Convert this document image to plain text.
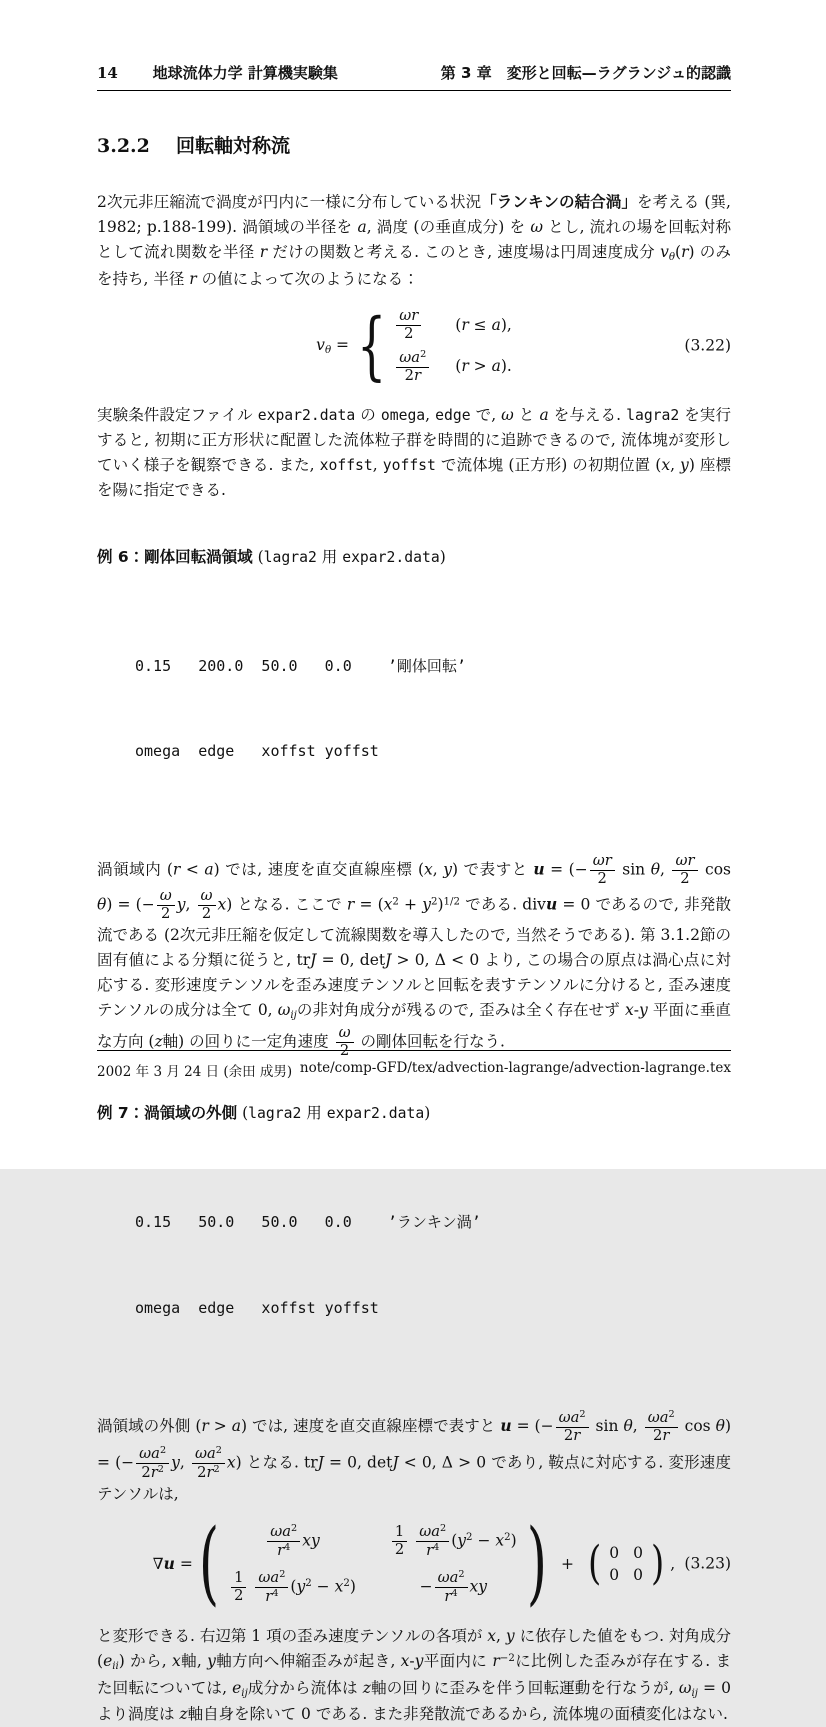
14 地球流体力学 計算機実験集	第 3 章　変形と回転—ラグランジュ的認識
3.2.2 回転軸対称流

2次元非圧縮流で渦度が円内に一様に分布している状況「ランキンの結合渦」を考える (巽, 1982; p.188-199). 渦領域の半径を a, 渦度 (の垂直成分) を ω とし, 流れの場を回転対称として流れ関数を半径 r だけの関数と考える. このとき, 速度場は円周速度成分 $v_\theta(r)$ のみを持ち, 半径 r の値によって次のようになる：

$v_\theta$ = { $\frac{\omega r}{2} (r \le a)$,
$\frac{\omega a^2}{2r} (r > a)$.
(3.22)

実験条件設定ファイル expar2.data の omega, edge で, ω と a を与える. lagra2 を実行すると, 初期に正方形状に配置した流体粒子群を時間的に追跡できるので, 流体塊が変形していく様子を観察できる. また, xoffst, yoffst で流体塊 (正方形) の初期位置 (x, y) 座標を陽に指定できる.

例 6：剛体回転渦領域 (lagra2 用 expar2.data)

0.15   200.0  50.0   0.0    ’剛体回転’

omega  edge   xoffst yoffst

渦領域内 (r < a) では, 速度を直交直線座標 (x, y) で表すと u = (− $\frac{\omega r}{2}$ sin θ, $\frac{\omega r}{2}$ cos θ) = (− $\frac{\omega}{2} y$, $\frac{\omega}{2} x$) となる. ここで $r = (x^2 + y^2)^{1/2}$ である. divu = 0 であるので, 非発散流である (2次元非圧縮を仮定して流線関数を導入したので, 当然そうである). 第 3.1.2節の固有値による分類に従うと, trJ = 0, detJ > 0, Δ < 0 より, この場合の原点は渦心点に対応する. 変形速度テンソルを歪み速度テンソルと回転を表すテンソルに分けると, 歪み速度テンソルの成分は全て 0, $\omega_{ij}$の非対角成分が残るので, 歪みは全く存在せず x-y 平面に垂直な方向 (z軸) の回りに一定角速度 $\frac{\omega}{2}$ の剛体回転を行なう.

例 7：渦領域の外側 (lagra2 用 expar2.data)

0.15   50.0   50.0   0.0    ’ランキン渦’

omega  edge   xoffst yoffst

渦領域の外側 (r > a) では, 速度を直交直線座標で表すと u = (− $\frac{\omega a^2}{2r}$ sin θ, $\frac{\omega a^2}{2r}$ cos θ) = (− $\frac{\omega a^2}{2r^2} y$, $\frac{\omega a^2}{2r^2} x$) となる. trJ = 0, detJ < 0, Δ > 0 であり, 鞍点に対応する. 変形速度テンソルは,

∇u = (	$\frac{\omega a^2}{r^4}$ xy	$\frac{1}{2}$
$\frac{\omega a^2}{r^4} (y^2 - x^2)$
$\frac{1}{2}$
$\frac{\omega a^2}{r^4} (y^2 - x^2)$	− $\frac{\omega a^2}{r^4}$ xy ) + ( 0 0
0 0 ) , (3.23)

と変形できる. 右辺第 1 項の歪み速度テンソルの各項が x, y に依存した値をもつ. 対角成分 $(e_{ii})$ から, x軸, y軸方向へ伸縮歪みが起き, x-y平面内に $r^{-2}$に比例した歪みが存在する. また回転については, $e_{ij}$成分から流体は z軸の回りに歪みを伴う回転運動を行なうが, $\omega_{ij} = 0$ より渦度は z軸自身を除いて 0 である. また非発散流であるから, 流体塊の面積変化はない.

2002 年 3 月 24 日 (余田 成男) note/comp-GFD/tex/advection-lagrange/advection-lagrange.tex
